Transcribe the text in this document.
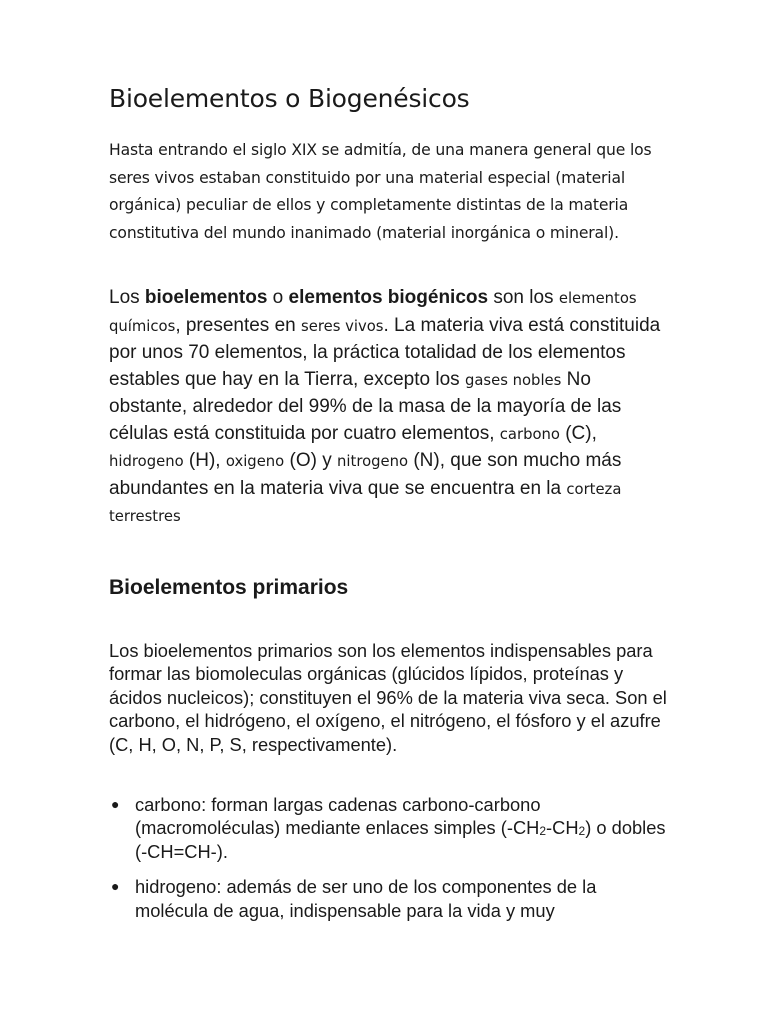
Bioelementos o Biogenésicos

Hasta entrando el siglo XIX se admitía, de una manera general que los seres vivos estaban constituido por una material especial (material orgánica) peculiar de ellos y completamente distintas de la materia constitutiva del mundo inanimado (material inorgánica o mineral).

Los bioelementos o elementos biogénicos son los elementos químicos, presentes en seres vivos. La materia viva está constituida por unos 70 elementos, la práctica totalidad de los elementos estables que hay en la Tierra, excepto los gases nobles No obstante, alrededor del 99% de la masa de la mayoría de las células está constituida por cuatro elementos, carbono (C), hidrogeno (H), oxigeno (O) y nitrogeno (N), que son mucho más abundantes en la materia viva que se encuentra en la corteza terrestres

Bioelementos primarios

Los bioelementos primarios son los elementos indispensables para formar las biomoleculas orgánicas (glúcidos lípidos, proteínas y ácidos nucleicos); constituyen el 96% de la materia viva seca. Son el carbono, el hidrógeno, el oxígeno, el nitrógeno, el fósforo y el azufre (C, H, O, N, P, S, respectivamente).

● carbono: forman largas cadenas carbono-carbono (macromoléculas) mediante enlaces simples $(-CH_2-CH_2)$ o dobles (-CH=CH-).
● hidrogeno: además de ser uno de los componentes de la molécula de agua, indispensable para la vida y muy
